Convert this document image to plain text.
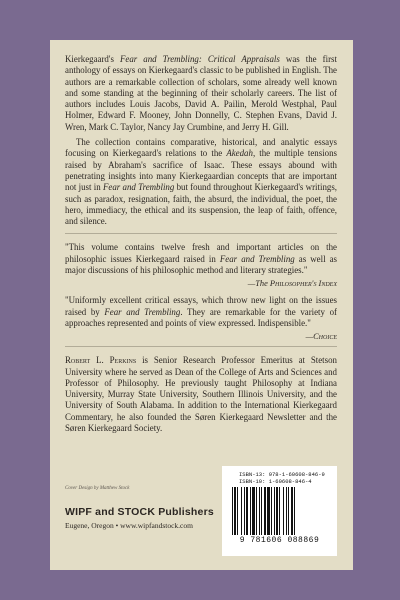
Kierkegaard's Fear and Trembling: Critical Appraisals was the first anthology of essays on Kierkegaard's classic to be published in English. The authors are a remarkable collection of scholars, some already well known and some standing at the beginning of their scholarly careers. The list of authors includes Louis Jacobs, David A. Pailin, Merold Westphal, Paul Holmer, Edward F. Mooney, John Donnelly, C. Stephen Evans, David J. Wren, Mark C. Taylor, Nancy Jay Crumbine, and Jerry H. Gill.

The collection contains comparative, historical, and analytic essays focusing on Kierkegaard's relations to the Akedah, the multiple tensions raised by Abraham's sacrifice of Isaac. These essays abound with penetrating insights into many Kierkegaardian concepts that are important not just in Fear and Trembling but found throughout Kierkegaard's writings, such as paradox, resignation, faith, the absurd, the individual, the poet, the hero, immediacy, the ethical and its suspension, the leap of faith, offence, and silence.

"This volume contains twelve fresh and important articles on the philosophic issues Kierkegaard raised in Fear and Trembling as well as major discussions of his philosophic method and literary strategies."

—The Philosopher's Index

"Uniformly excellent critical essays, which throw new light on the issues raised by Fear and Trembling. They are remarkable for the variety of approaches represented and points of view expressed. Indispensible."

—Choice

Robert L. Perkins is Senior Research Professor Emeritus at Stetson University where he served as Dean of the College of Arts and Sciences and Professor of Philosophy. He previously taught Philosophy at Indiana University, Murray State University, Southern Illinois University, and the University of South Alabama. In addition to the International Kierkegaard Commentary, he also founded the Søren Kierkegaard Newsletter and the Søren Kierkegaard Society.

Cover Design by Matthew Stock
WIPF and STOCK Publishers
Eugene, Oregon • www.wipfandstock.com
ISBN-13: 978-1-60608-846-9
ISBN-10: 1-60608-846-4
9 781606 088869
